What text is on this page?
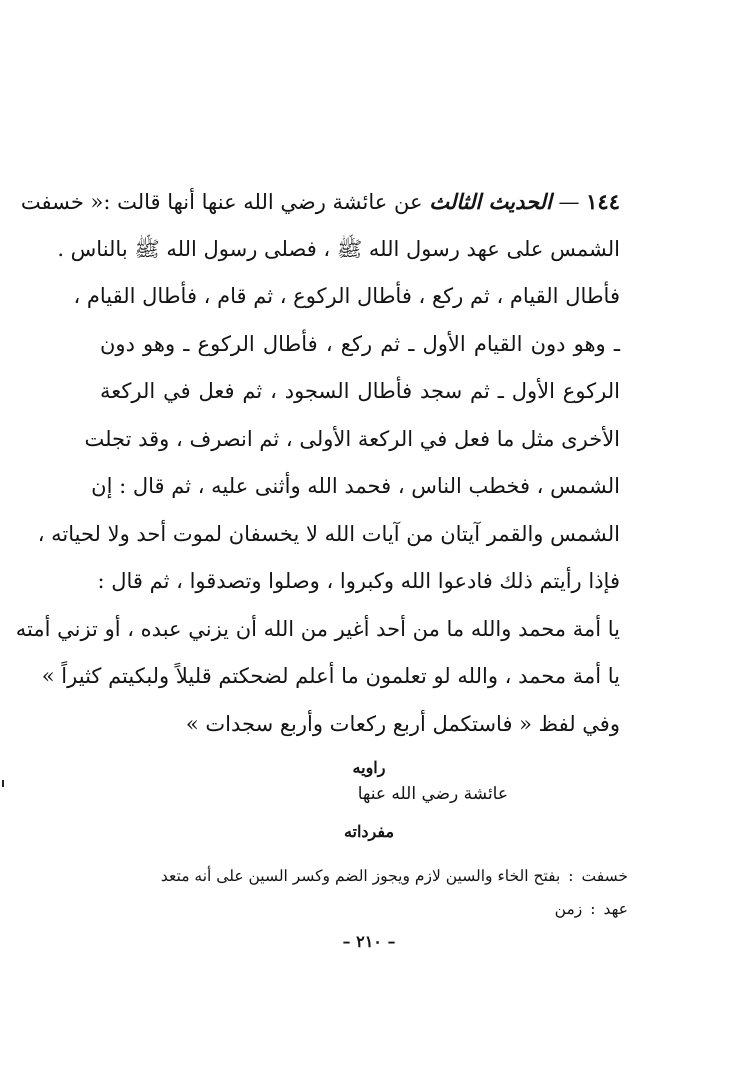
١٤٤ — الحديث الثالث عن عائشة رضي الله عنها أنها قالت :« خسفت
الشمس على عهد رسول الله ﷺ ، فصلى رسول الله ﷺ بالناس .
فأطال القيام ، ثم ركع ، فأطال الركوع ، ثم قام ، فأطال القيام ،
ـ وهو دون القيام الأول ـ ثم ركع ، فأطال الركوع ـ وهو دون
الركوع الأول ـ ثم سجد فأطال السجود ، ثم فعل في الركعة
الأخرى مثل ما فعل في الركعة الأولى ، ثم انصرف ، وقد تجلت
الشمس ، فخطب الناس ، فحمد الله وأثنى عليه ، ثم قال : إن
الشمس والقمر آيتان من آيات الله لا يخسفان لموت أحد ولا لحياته ،
فإذا رأيتم ذلك فادعوا الله وكبروا ، وصلوا وتصدقوا ، ثم قال :
يا أمة محمد والله ما من أحد أغير من الله أن يزني عبده ، أو تزني أمته
يا أمة محمد ، والله لو تعلمون ما أعلم لضحكتم قليلاً ولبكيتم كثيراً »
وفي لفظ « فاستكمل أربع ركعات وأربع سجدات »
راويه
عائشة رضي الله عنها
مفرداته
خسفت:بفتح الخاء والسين لازم ويجوز الضم وكسر السين على أنه متعد
عهد:زمن
– ٢١٠ –
